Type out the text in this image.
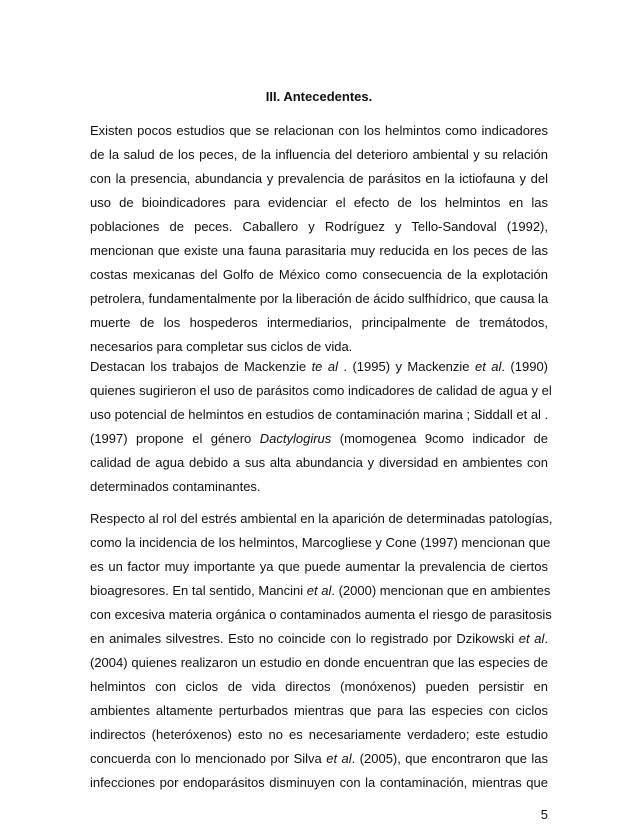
III. Antecedentes.
Existen pocos estudios que se relacionan con los helmintos como indicadores
de la salud de los peces, de la influencia del deterioro ambiental y su relación
con la presencia, abundancia y prevalencia de parásitos en la ictiofauna y del
uso de bioindicadores para evidenciar el efecto de los helmintos en las
poblaciones de peces. Caballero y Rodríguez y Tello-Sandoval (1992),
mencionan que existe una fauna parasitaria muy reducida en los peces de las
costas mexicanas del Golfo de México como consecuencia de la explotación
petrolera, fundamentalmente por la liberación de ácido sulfhídrico, que causa la
muerte de los hospederos intermediarios, principalmente de tremátodos,
necesarios para completar sus ciclos de vida.
Destacan los trabajos de Mackenzie te al . (1995) y Mackenzie et al. (1990)
quienes sugirieron el uso de parásitos como indicadores de calidad de agua y el
uso potencial de helmintos en estudios de contaminación marina ; Siddall et al .
(1997) propone el género Dactylogirus (momogenea 9como indicador de
calidad de agua debido a sus alta abundancia y diversidad en ambientes con
determinados contaminantes.
Respecto al rol del estrés ambiental en la aparición de determinadas patologías,
como la incidencia de los helmintos, Marcogliese y Cone (1997) mencionan que
es un factor muy importante ya que puede aumentar la prevalencia de ciertos
bioagresores. En tal sentido, Mancini et al. (2000) mencionan que en ambientes
con excesiva materia orgánica o contaminados aumenta el riesgo de parasitosis
en animales silvestres. Esto no coincide con lo registrado por Dzikowski et al.
(2004) quienes realizaron un estudio en donde encuentran que las especies de
helmintos con ciclos de vida directos (monóxenos) pueden persistir en
ambientes altamente perturbados mientras que para las especies con ciclos
indirectos (heteróxenos) esto no es necesariamente verdadero; este estudio
concuerda con lo mencionado por Silva et al. (2005), que encontraron que las
infecciones por endoparásitos disminuyen con la contaminación, mientras que
5
